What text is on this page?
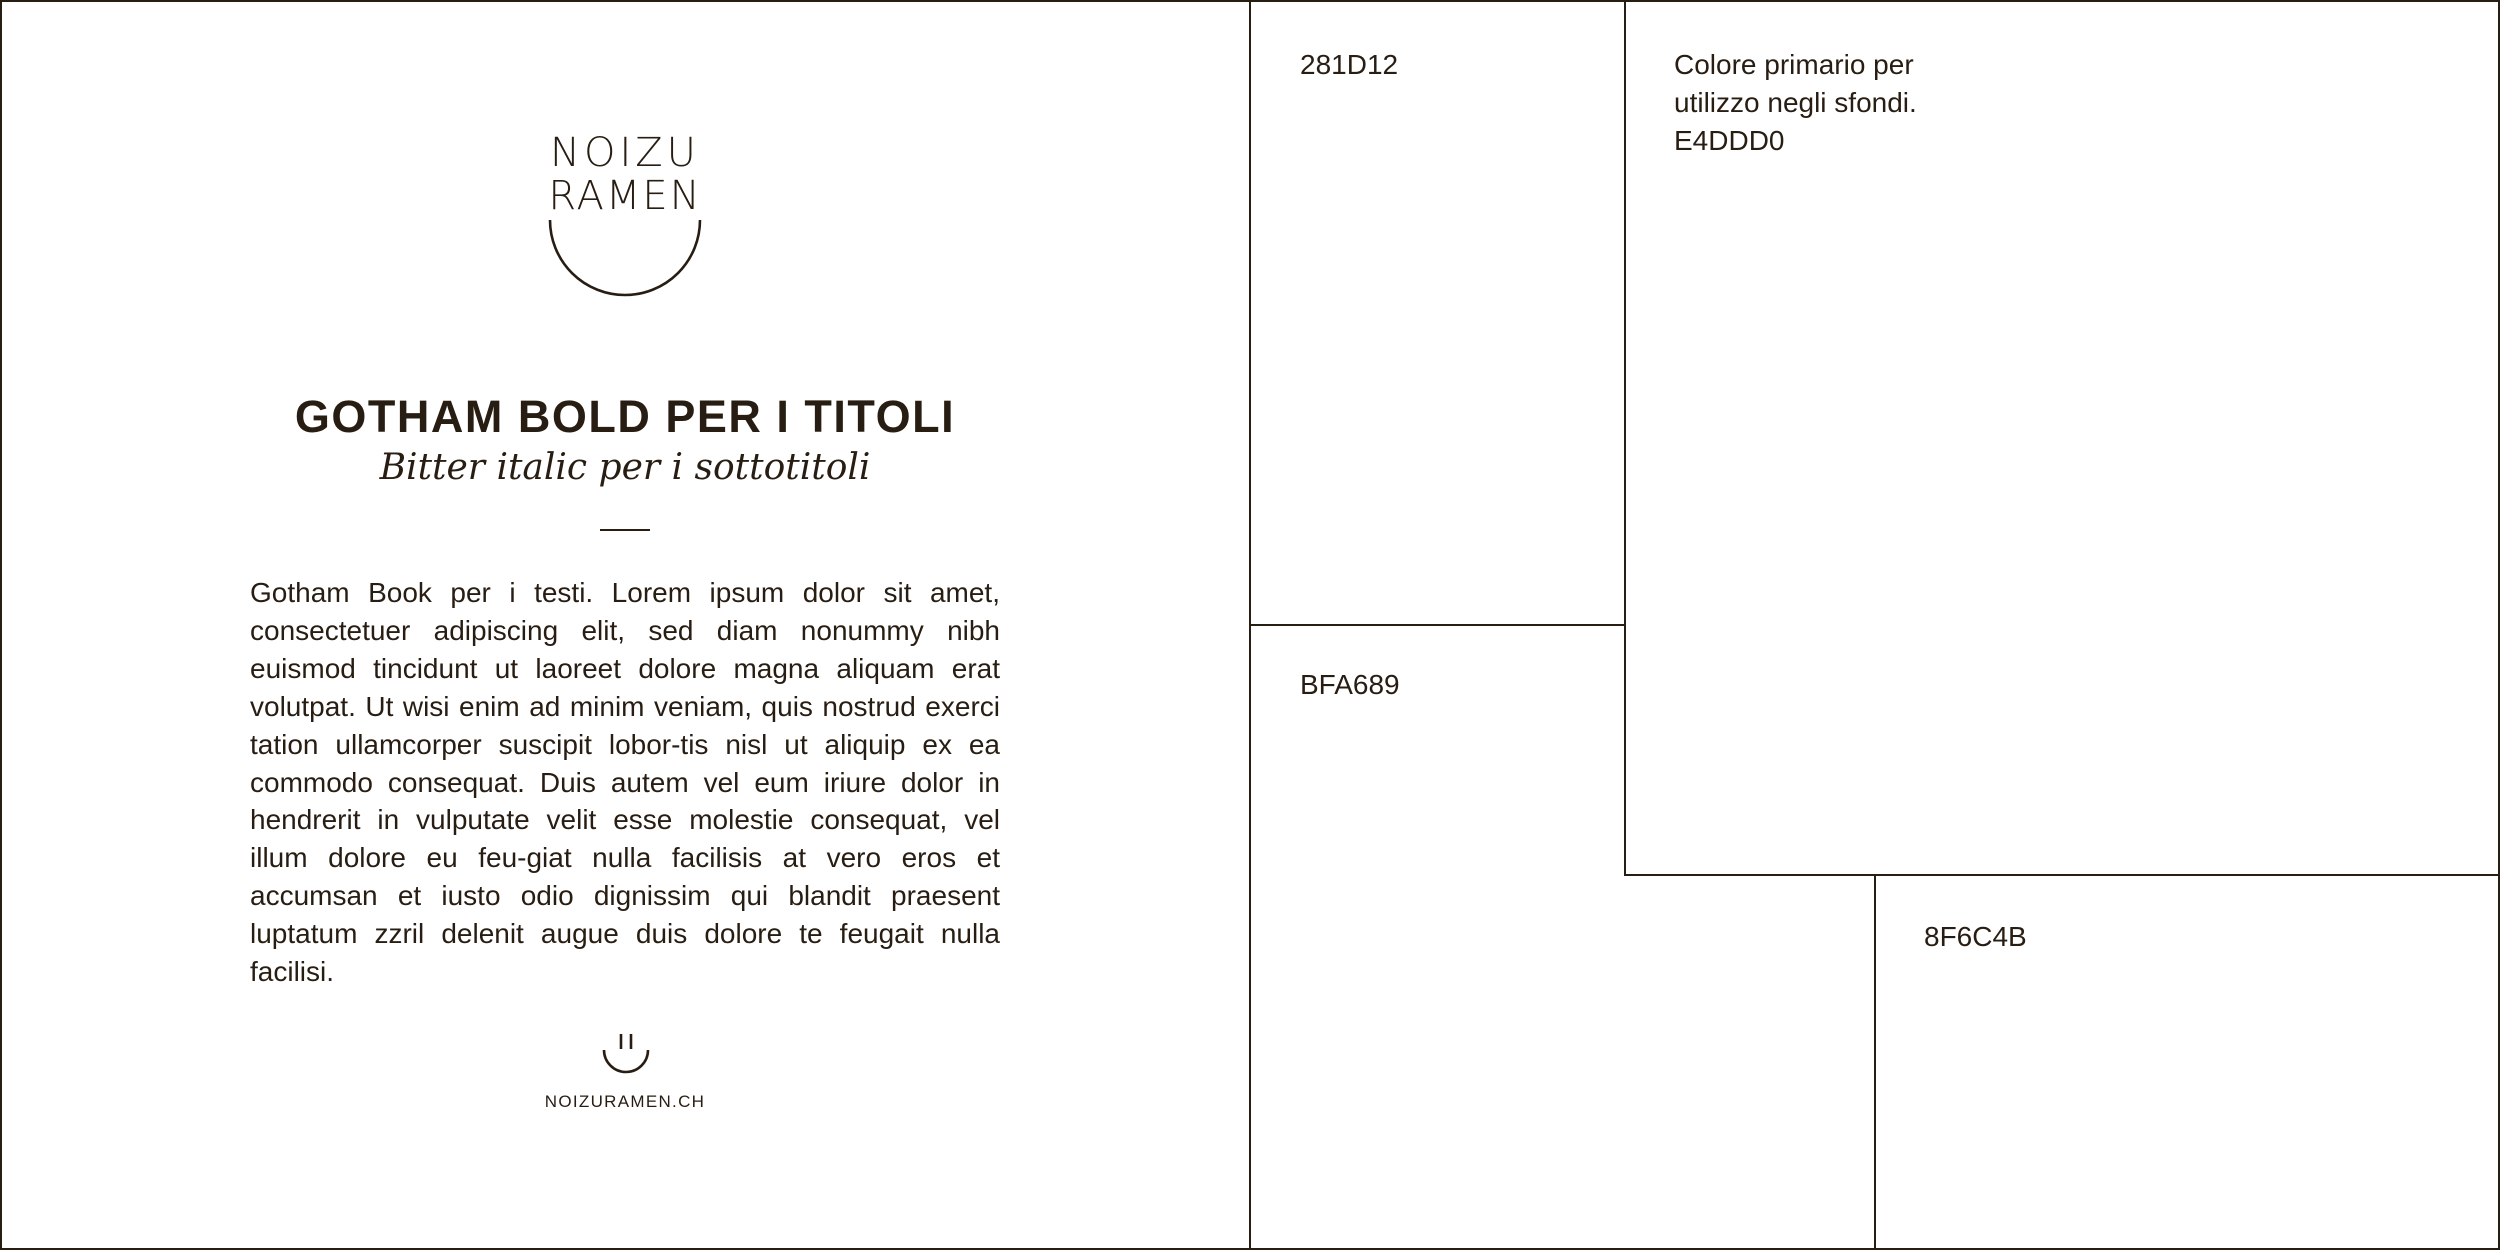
NOIZU
RAMEN
GOTHAM BOLD PER I TITOLI
Bitter italic per i sottotitoli

Gotham Book per i testi. Lorem ipsum dolor sit amet, consectetuer adipiscing elit, sed diam nonummy nibh euismod tincidunt ut laoreet dolore magna aliquam erat volutpat. Ut wisi enim ad minim veniam, quis nostrud exerci tation ullamcorper suscipit lobor-tis nisl ut aliquip ex ea commodo consequat. Duis autem vel eum iriure dolor in hendrerit in vulputate velit esse molestie consequat, vel illum dolore eu feu-giat nulla facilisis at vero eros et accumsan et iusto odio dignissim qui blandit praesent luptatum zzril delenit augue duis dolore te feugait nulla facilisi.

NOIZURAMEN.CH

281D12

BFA689

Colore primario per
utilizzo negli sfondi.
E4DDD0

8F6C4B
